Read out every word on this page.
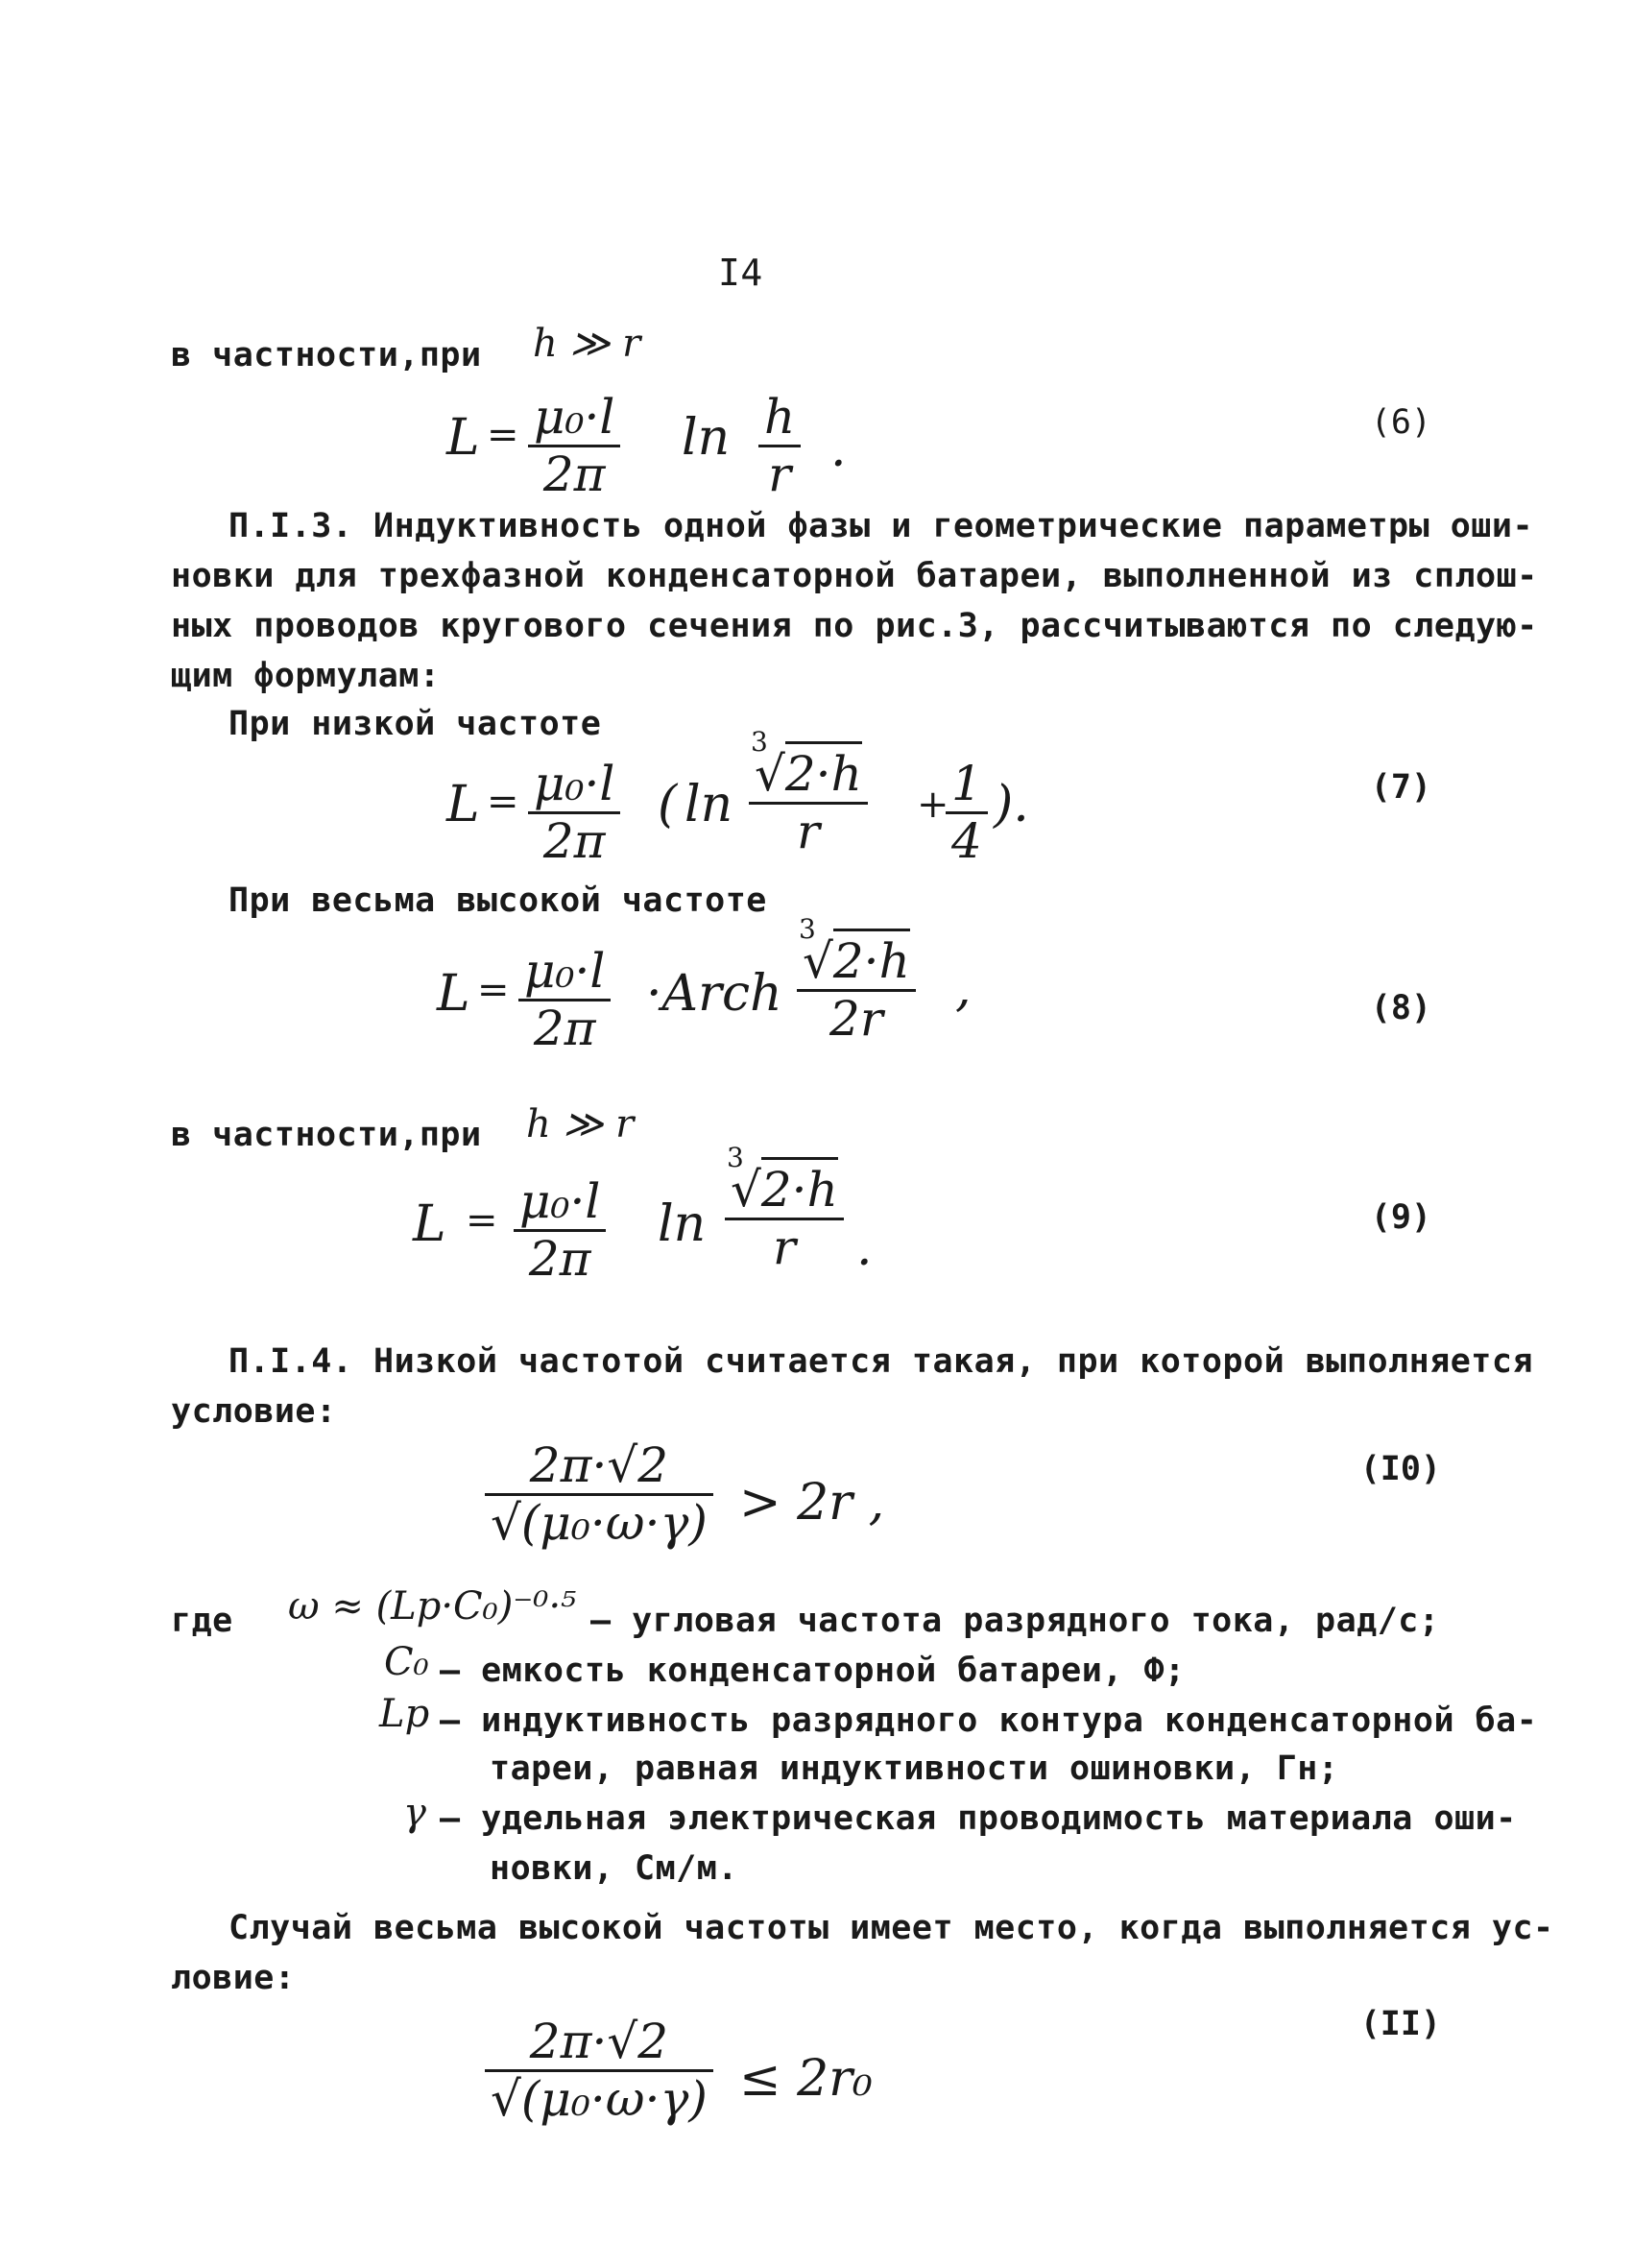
I4
в частности,при h ≫ r
L = μ₀·l
2π
ln h
r .	(6)
П.I.3. Индуктивность одной фазы и геометрические параметры оши-
новки для трехфазной конденсаторной батареи, выполненной из сплош-
ных проводов кругового сечения по рис.3, рассчитываются по следую-
щим формулам:
При низкой частоте
L = μ₀·l
2π
( ln
3
√2·h
r	+ 1
4
).	(7)
При весьма высокой частоте
L = μ₀·l
2π
·Arch
3
√2·h
2r
,	(8)
в частности,при h ≫ r
L = μ₀·l
2π
ln
3
√2·h
r	.
(9)
П.I.4. Низкой частотой считается такая, при которой выполняется
условие:
2π·√2
√(μ₀·ω·γ) > 2r ,
(I0)
где ω ≈ (Lp·C₀)⁻⁰·⁵ – угловая частота разрядного тока, рад/с;
C₀ – емкость конденсаторной батареи, Ф;
Lp – индуктивность разрядного контура конденсаторной ба-
тареи, равная индуктивности ошиновки, Гн;
γ – удельная электрическая проводимость материала оши-
новки, См/м.
Случай весьма высокой частоты имеет место, когда выполняется ус-
ловие:
2π·√2
√(μ₀·ω·γ) ≤ 2r₀
(II)
